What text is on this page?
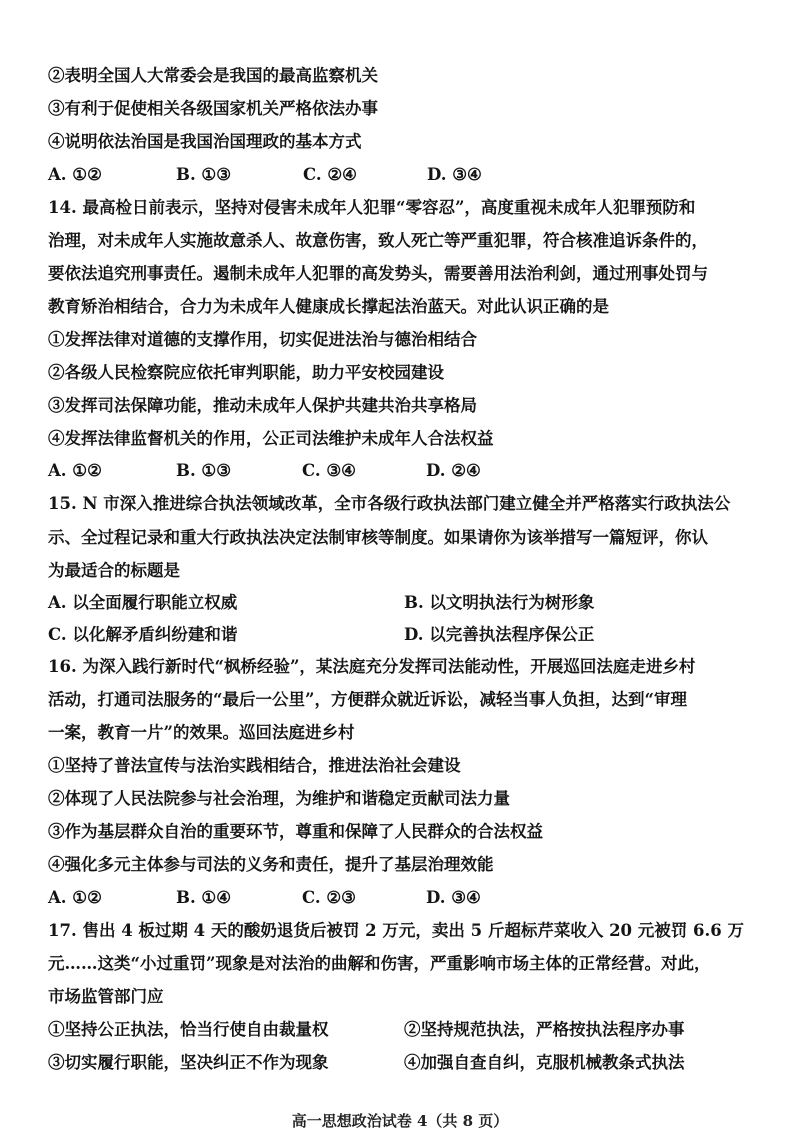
②表明全国人大常委会是我国的最高监察机关
③有利于促使相关各级国家机关严格依法办事
④说明依法治国是我国治国理政的基本方式
A. ①②	B. ①③	C. ②④	D. ③④
14. 最高检日前表示，坚持对侵害未成年人犯罪“零容忍”，高度重视未成年人犯罪预防和
治理，对未成年人实施故意杀人、故意伤害，致人死亡等严重犯罪，符合核准追诉条件的，
要依法追究刑事责任。遏制未成年人犯罪的高发势头，需要善用法治利剑，通过刑事处罚与
教育矫治相结合，合力为未成年人健康成长撑起法治蓝天。对此认识正确的是
①发挥法律对道德的支撑作用，切实促进法治与德治相结合
②各级人民检察院应依托审判职能，助力平安校园建设
③发挥司法保障功能，推动未成年人保护共建共治共享格局
④发挥法律监督机关的作用，公正司法维护未成年人合法权益
A. ①②	B. ①③	C. ③④	D. ②④
15. N 市深入推进综合执法领域改革，全市各级行政执法部门建立健全并严格落实行政执法公
示、全过程记录和重大行政执法决定法制审核等制度。如果请你为该举措写一篇短评，你认
为最适合的标题是
A. 以全面履行职能立权威	B. 以文明执法行为树形象
C. 以化解矛盾纠纷建和谐	D. 以完善执法程序保公正
16. 为深入践行新时代“枫桥经验”，某法庭充分发挥司法能动性，开展巡回法庭走进乡村
活动，打通司法服务的“最后一公里”，方便群众就近诉讼，减轻当事人负担，达到“审理
一案，教育一片”的效果。巡回法庭进乡村
①坚持了普法宣传与法治实践相结合，推进法治社会建设
②体现了人民法院参与社会治理，为维护和谐稳定贡献司法力量
③作为基层群众自治的重要环节，尊重和保障了人民群众的合法权益
④强化多元主体参与司法的义务和责任，提升了基层治理效能
A. ①②	B. ①④	C. ②③	D. ③④
17. 售出 4 板过期 4 天的酸奶退货后被罚 2 万元，卖出 5 斤超标芹菜收入 20 元被罚 6.6 万
元……这类“小过重罚”现象是对法治的曲解和伤害，严重影响市场主体的正常经营。对此，
市场监管部门应
①坚持公正执法，恰当行使自由裁量权	②坚持规范执法，严格按执法程序办事
③切实履行职能，坚决纠正不作为现象	④加强自查自纠，克服机械教条式执法
高一思想政治试卷 4（共 8 页）
